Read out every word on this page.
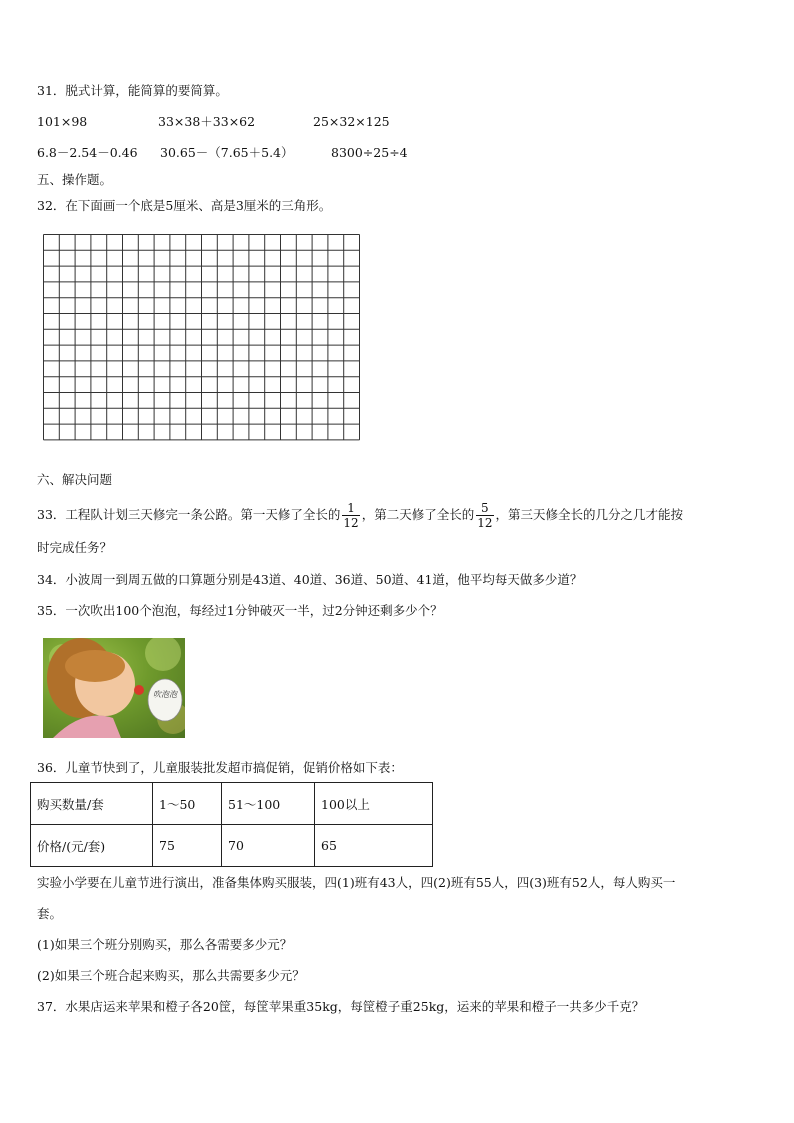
31．脱式计算，能简算的要简算。
101×98	33×38＋33×62	25×32×125
6.8－2.54－0.46 30.65－（7.65＋5.4）	8300÷25÷4
五、操作题。
32．在下面画一个底是5厘米、高是3厘米的三角形。
六、解决问题
33．工程队计划三天修完一条公路。第一天修了全长的 $\frac{1}{12}$ ，第二天修了全长的 $\frac{5}{12}$ ，第三天修全长的几分之几才能按
时完成任务？
34．小波周一到周五做的口算题分别是43道、40道、36道、50道、41道，他平均每天做多少道？
35．一次吹出100个泡泡，每经过1分钟破灭一半，过2分钟还剩多少个？
吹泡泡
36．儿童节快到了，儿童服装批发超市搞促销，促销价格如下表：
购买数量/套	1～50	51～100	100以上
价格/(元/套)	75	70	65
实验小学要在儿童节进行演出，准备集体购买服装，四(1)班有43人，四(2)班有55人，四(3)班有52人，每人购买一
套。
(1)如果三个班分别购买，那么各需要多少元？
(2)如果三个班合起来购买，那么共需要多少元？
37．水果店运来苹果和橙子各20筐，每筐苹果重35kg，每筐橙子重25kg，运来的苹果和橙子一共多少千克？
